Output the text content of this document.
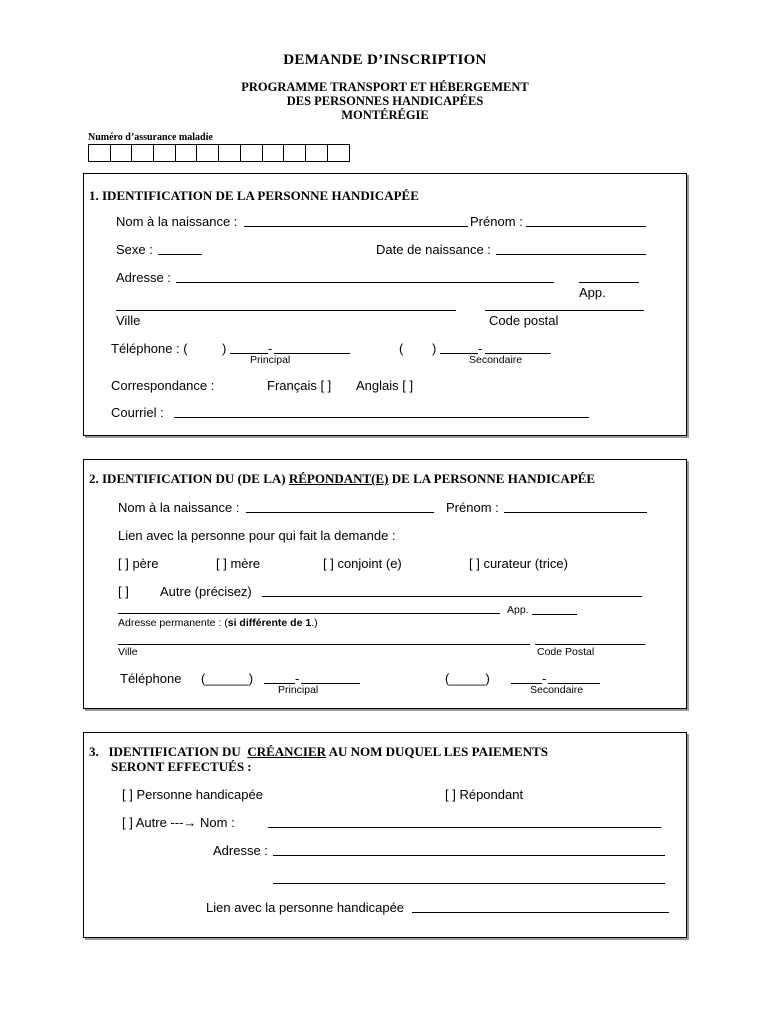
DEMANDE D’INSCRIPTION
PROGRAMME TRANSPORT ET HÉBERGEMENT
DES PERSONNES HANDICAPÉES
MONTÉRÉGIE
Numéro d’assurance maladie
1. IDENTIFICATION DE LA PERSONNE HANDICAPÉE
Nom à la naissance :	Prénom :
Sexe :	Date de naissance :
Adresse :
App.
Ville	Code postal
Téléphone : (	)	-
Principal
( )	-
Secondaire
Correspondance :	Français [ ] Anglais [ ]
Courriel :
2. IDENTIFICATION DU (DE LA) RÉPONDANT(E) DE LA PERSONNE HANDICAPÉE
Nom à la naissance :	Prénom :
Lien avec la personne pour qui fait la demande :
[ ] père	[ ] mère	[ ] conjoint (e)	[ ] curateur (trice)
[ ] Autre (précisez)
App.
Adresse permanente : (si différente de 1.)
Ville	Code Postal
Téléphone (______)	-
Principal
(_____)	-
Secondaire
3.   IDENTIFICATION DU  CRÉANCIER AU NOM DUQUEL LES PAIEMENTS
SERONT EFFECTUÉS :
[ ] Personne handicapée	[ ] Répondant
[ ] Autre ---→ Nom :
Adresse :
Lien avec la personne handicapée
